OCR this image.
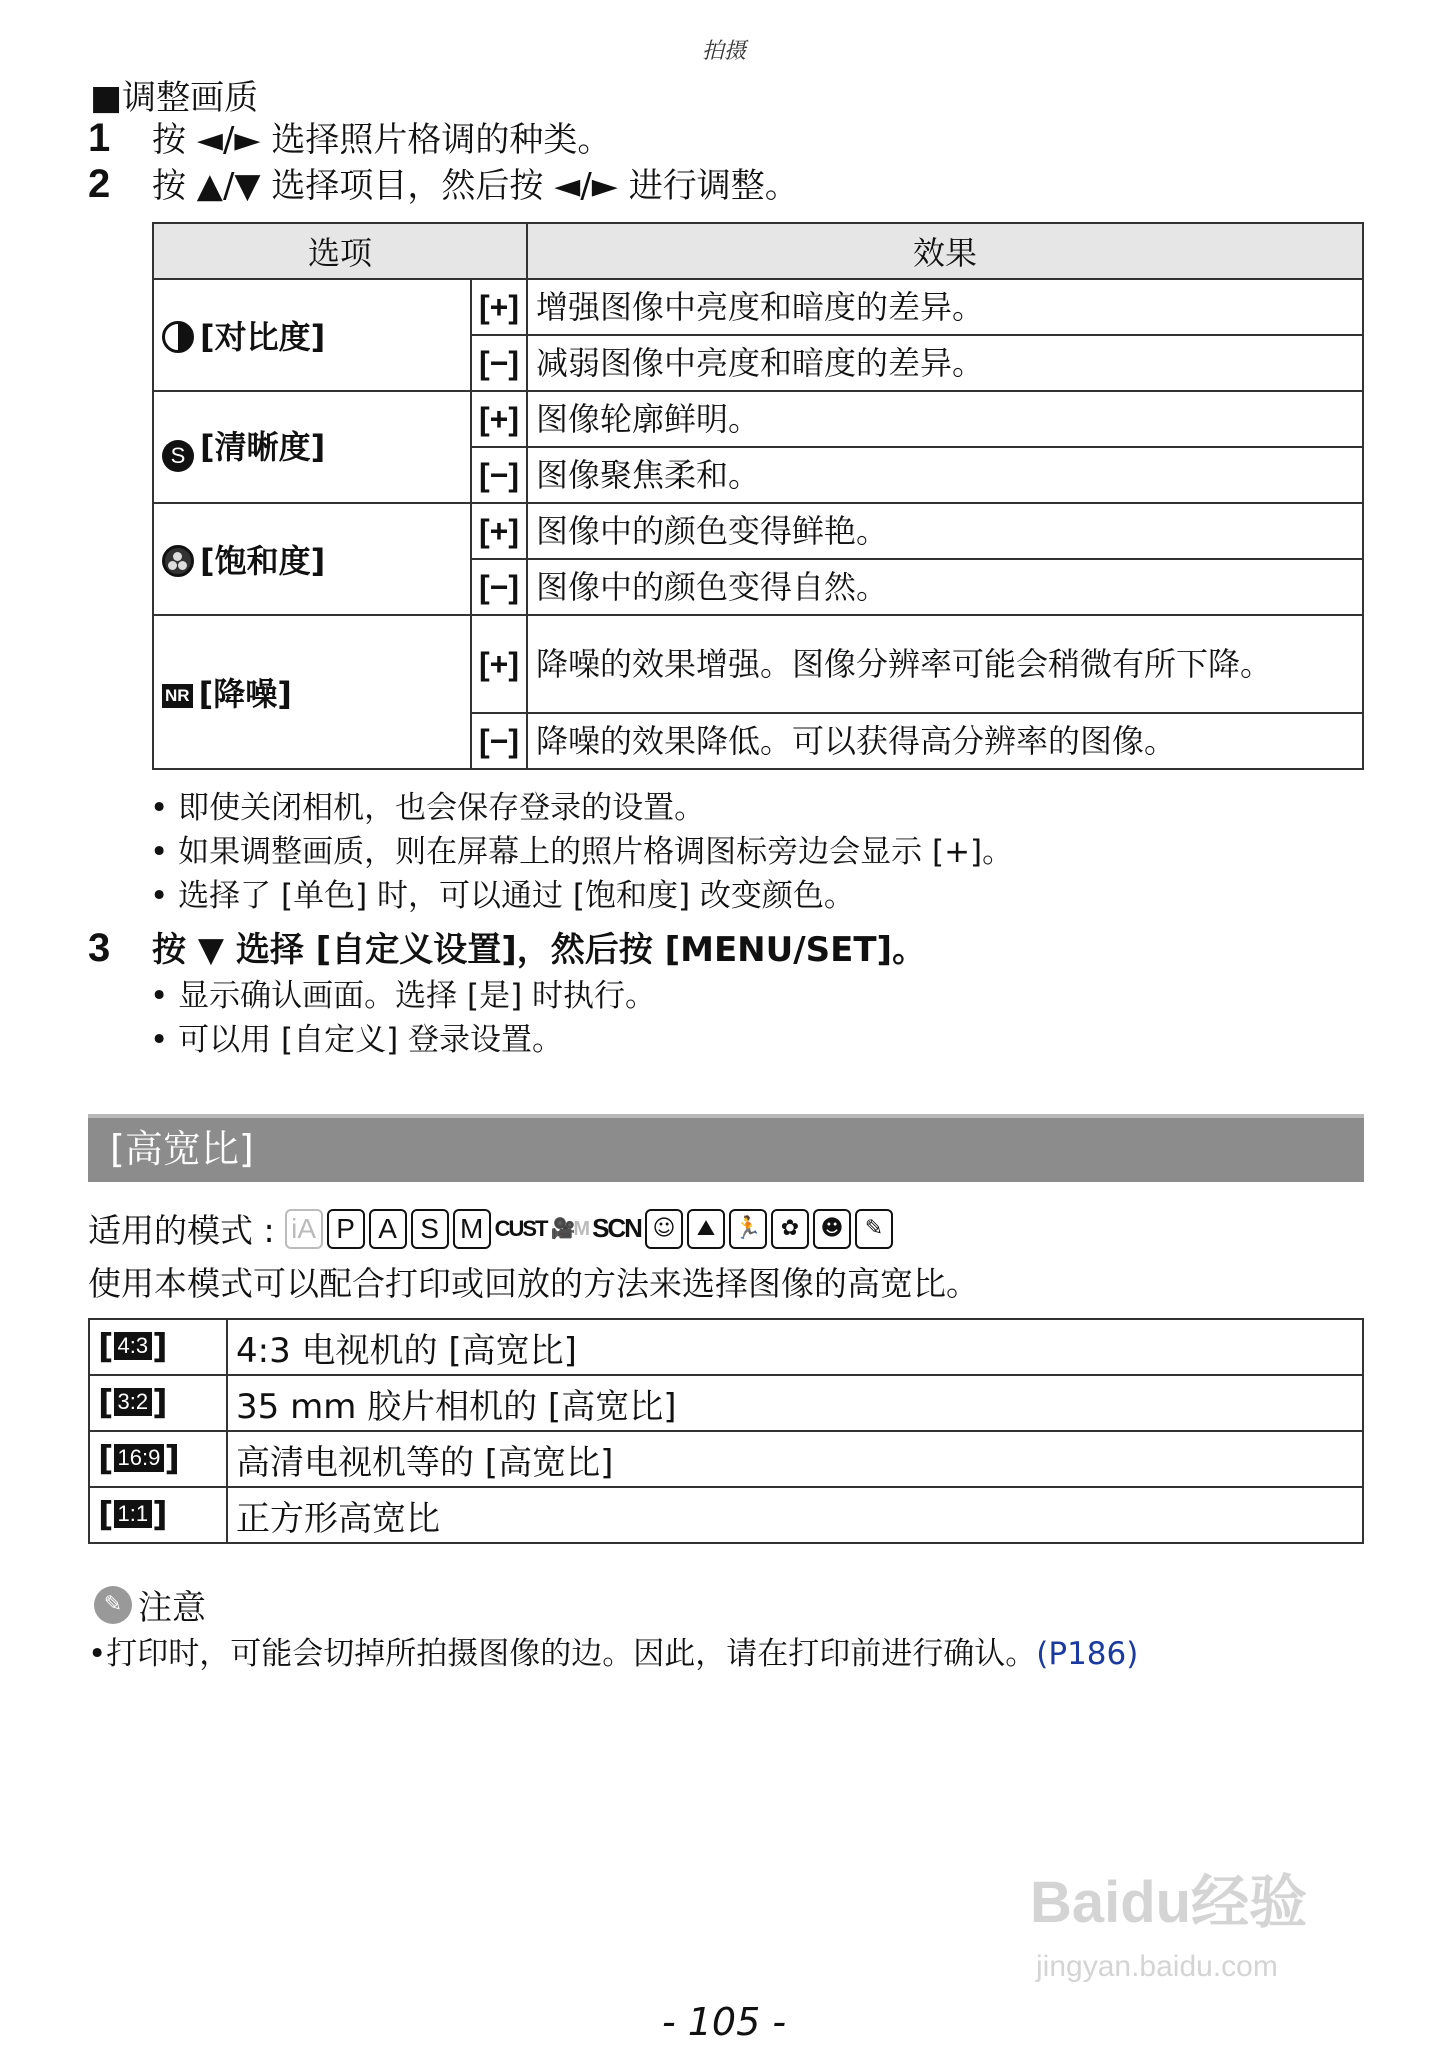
拍摄
■调整画质
1	按 ◄/► 选择照片格调的种类。
2	按 ▲/▼ 选择项目，然后按 ◄/► 进行调整。
选项		效果
[对比度]	[+]	增强图像中亮度和暗度的差异。
	[−]	减弱图像中亮度和暗度的差异。
S [清晰度]	[+]	图像轮廓鲜明。
	[−]	图像聚焦柔和。

[饱和度]	[+]	图像中的颜色变得鲜艳。
	[−]	图像中的颜色变得自然。
NR [降噪]	[+]	降噪的效果增强。图像分辨率可能会稍微有所下降。
	[−]	降噪的效果降低。可以获得高分辨率的图像。
• 即使关闭相机，也会保存登录的设置。
• 如果调整画质，则在屏幕上的照片格调图标旁边会显示 [+]。
• 选择了 [单色] 时，可以通过 [饱和度] 改变颜色。
3	按 ▼ 选择 [自定义设置]，然后按 [MENU/SET]。
• 显示确认画面。选择 [是] 时执行。
• 可以用 [自定义] 登录设置。
[高宽比]
适用的模式 : iA P A S M CUST 🎥M SCN ☺ ⛰ 🏃 ✿ ☻ ✎
使用本模式可以配合打印或回放的方法来选择图像的高宽比。
[ 4:3 ]	4:3 电视机的 [高宽比]
[ 3:2 ]	35 mm 胶片相机的 [高宽比]
[ 16:9 ]	高清电视机等的 [高宽比]
[ 1:1 ]	正方形高宽比
✎ 注意
•打印时，可能会切掉所拍摄图像的边。因此，请在打印前进行确认。(P186)
Baidu经验
jingyan.baidu.com
- 105 -
